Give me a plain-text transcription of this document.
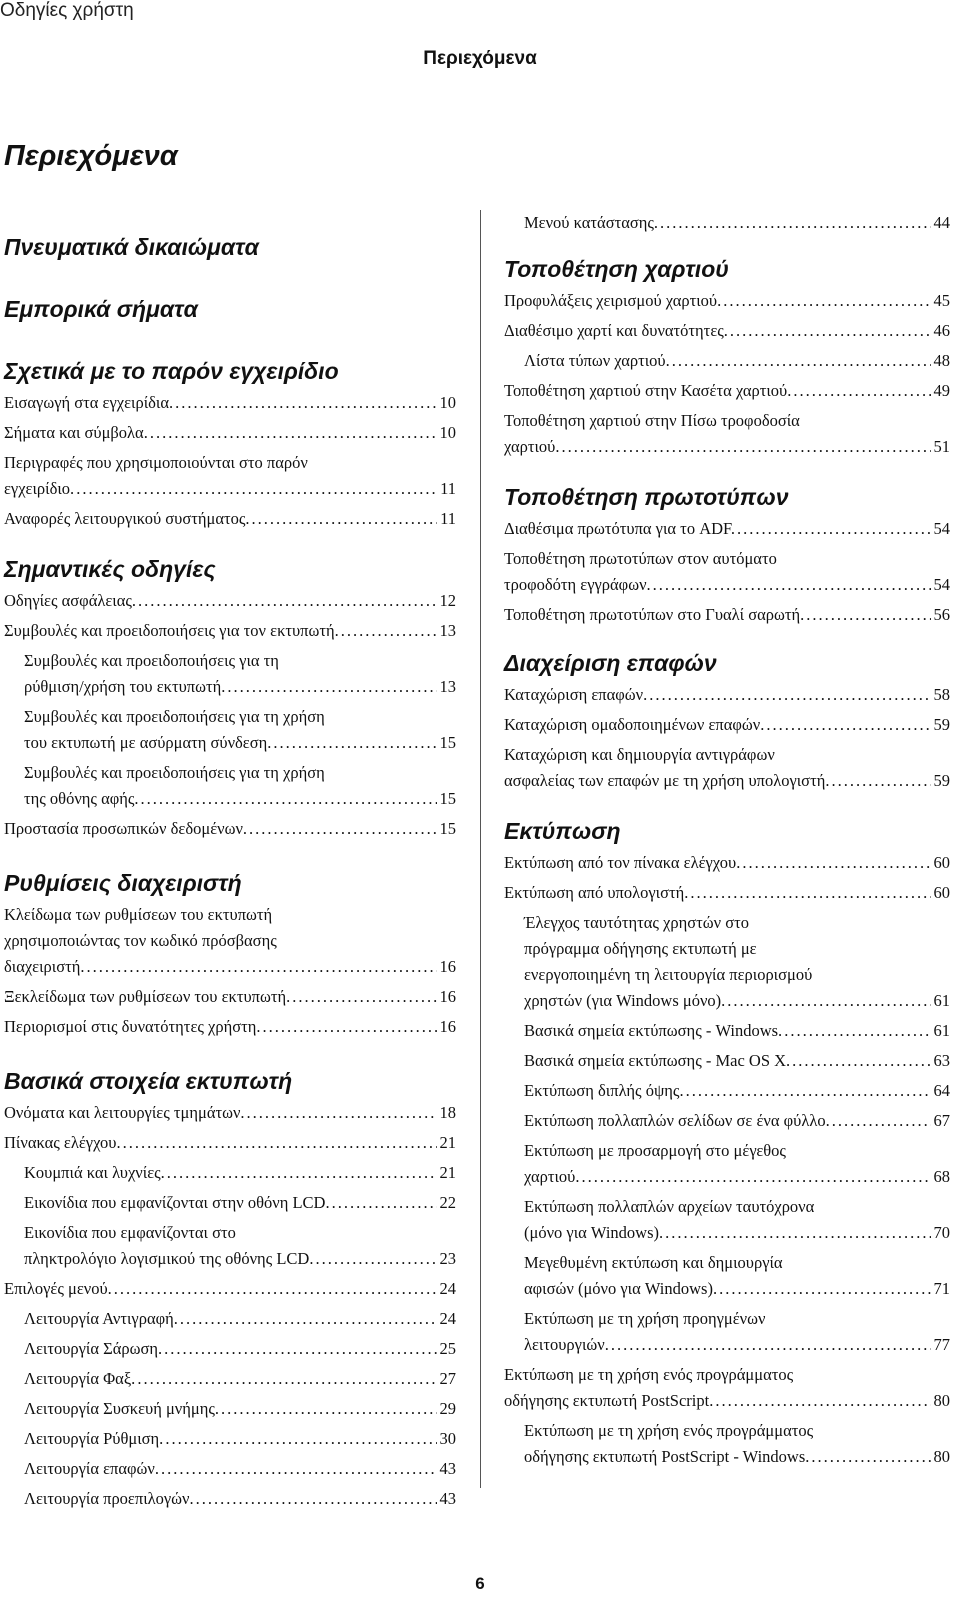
Οδηγίες χρήστη
Περιεχόμενα
Περιεχόμενα
Πνευματικά δικαιώματα
Εμπορικά σήματα
Σχετικά με το παρόν εγχειρίδιο
Εισαγωγή στα εγχειρίδια. .....	10
Σήματα και σύμβολα. .....	10
Περιγραφές που χρησιμοποιούνται στο παρόν
εγχειρίδιο. .....	11
Αναφορές λειτουργικού συστήματος. .....	11
Σημαντικές οδηγίες
Οδηγίες ασφάλειας. .....	12
Συμβουλές και προειδοποιήσεις για τον εκτυπωτή. .....	13
Συμβουλές και προειδοποιήσεις για τη
ρύθμιση/χρήση του εκτυπωτή. .....	13
Συμβουλές και προειδοποιήσεις για τη χρήση
του εκτυπωτή με ασύρματη σύνδεση. .....	15
Συμβουλές και προειδοποιήσεις για τη χρήση
της οθόνης αφής. .....	15
Προστασία προσωπικών δεδομένων. .....	15
Ρυθμίσεις διαχειριστή
Κλείδωμα των ρυθμίσεων του εκτυπωτή
χρησιμοποιώντας τον κωδικό πρόσβασης
διαχειριστή. .....	16
Ξεκλείδωμα των ρυθμίσεων του εκτυπωτή. .....	16
Περιορισμοί στις δυνατότητες χρήστη. .....	16
Βασικά στοιχεία εκτυπωτή
Ονόματα και λειτουργίες τμημάτων. .....	18
Πίνακας ελέγχου. .....	21
Κουμπιά και λυχνίες. .....	21
Εικονίδια που εμφανίζονται στην οθόνη LCD. .....	22
Εικονίδια που εμφανίζονται στο
πληκτρολόγιο λογισμικού της οθόνης LCD. .....	23
Επιλογές μενού. .....	24
Λειτουργία Αντιγραφή. .....	24
Λειτουργία Σάρωση. .....	25
Λειτουργία Φαξ. .....	27
Λειτουργία Συσκευή μνήμης. .....	29
Λειτουργία Ρύθμιση. .....	30
Λειτουργία επαφών. .....	43
Λειτουργία προεπιλογών. .....	43
Μενού κατάστασης. .....	44
Τοποθέτηση χαρτιού
Προφυλάξεις χειρισμού χαρτιού. .....	45
Διαθέσιμο χαρτί και δυνατότητες. .....	46
Λίστα τύπων χαρτιού. .....	48
Τοποθέτηση χαρτιού στην Κασέτα χαρτιού. .....	49
Τοποθέτηση χαρτιού στην Πίσω τροφοδοσία
χαρτιού. .....	51
Τοποθέτηση πρωτοτύπων
Διαθέσιμα πρωτότυπα για το ADF. .....	54
Τοποθέτηση πρωτοτύπων στον αυτόματο
τροφοδότη εγγράφων. .....	54
Τοποθέτηση πρωτοτύπων στο Γυαλί σαρωτή. .....	56
Διαχείριση επαφών
Καταχώριση επαφών. .....	58
Καταχώριση ομαδοποιημένων επαφών. .....	59
Καταχώριση και δημιουργία αντιγράφων
ασφαλείας των επαφών με τη χρήση υπολογιστή. .....	59
Εκτύπωση
Εκτύπωση από τον πίνακα ελέγχου. .....	60
Εκτύπωση από υπολογιστή. .....	60
Έλεγχος ταυτότητας χρηστών στο
πρόγραμμα οδήγησης εκτυπωτή με
ενεργοποιημένη τη λειτουργία περιορισμού
χρηστών (για Windows μόνο). .....	61
Βασικά σημεία εκτύπωσης - Windows. .....	61
Βασικά σημεία εκτύπωσης - Mac OS X. .....	63
Εκτύπωση διπλής όψης. .....	64
Εκτύπωση πολλαπλών σελίδων σε ένα φύλλο. .....	67
Εκτύπωση με προσαρμογή στο μέγεθος
χαρτιού. .....	68
Εκτύπωση πολλαπλών αρχείων ταυτόχρονα
(μόνο για Windows). .....	70
Μεγεθυμένη εκτύπωση και δημιουργία
αφισών (μόνο για Windows). .....	71
Εκτύπωση με τη χρήση προηγμένων
λειτουργιών. .....	77
Εκτύπωση με τη χρήση ενός προγράμματος
οδήγησης εκτυπωτή PostScript. .....	80
Εκτύπωση με τη χρήση ενός προγράμματος
οδήγησης εκτυπωτή PostScript - Windows. .....	80
6
